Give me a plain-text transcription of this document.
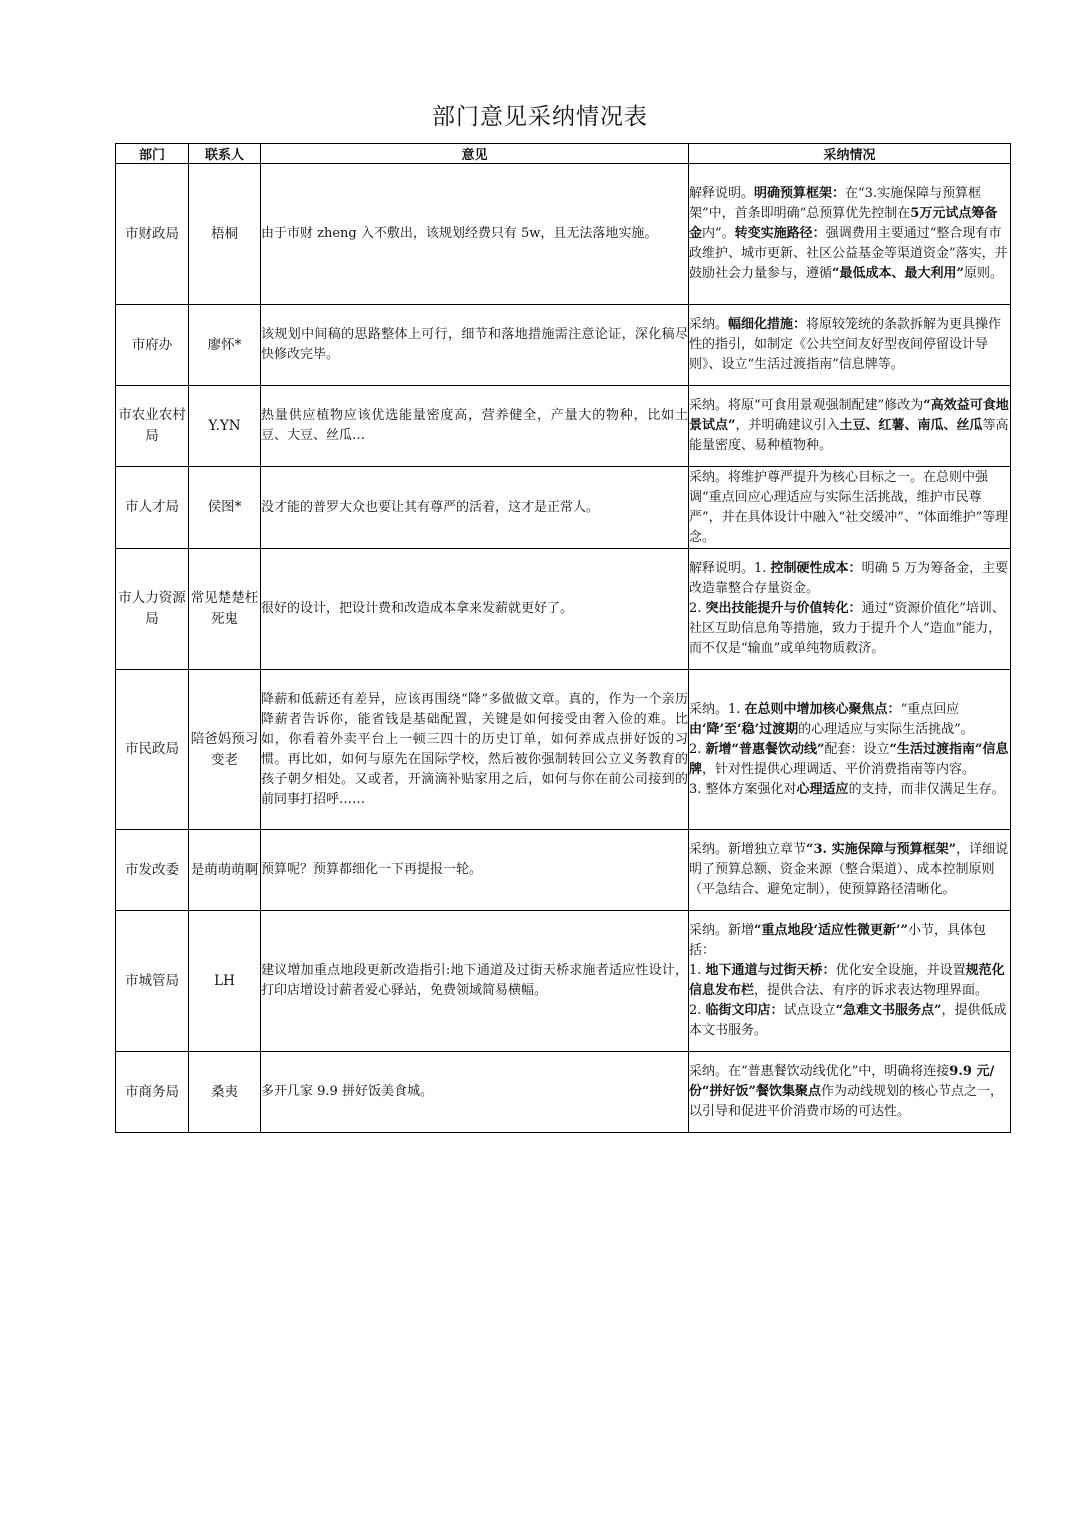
部门意见采纳情况表
部门	联系人	意见	采纳情况
市财政局	梧桐	由于市财 zheng 入不敷出，该规划经费只有 5w，且无法落地实施。	解释说明。明确预算框架：在“3.实施保障与预算框架”中，首条即明确“总预算优先控制在5万元试点筹备金内”。转变实施路径：强调费用主要通过“整合现有市政维护、城市更新、社区公益基金等渠道资金”落实，并鼓励社会力量参与，遵循“最低成本、最大利用”原则。
市府办	廖怀*	该规划中间稿的思路整体上可行，细节和落地措施需注意论证，深化稿尽快修改完毕。	采纳。幅细化措施：将原较笼统的条款拆解为更具操作性的指引，如制定《公共空间友好型夜间停留设计导则》、设立“生活过渡指南”信息牌等。
市农业农村局	Y.YN	热量供应植物应该优选能量密度高，营养健全，产量大的物种，比如土豆、大豆、丝瓜…	采纳。将原“可食用景观强制配建”修改为“高效益可食地景试点”，并明确建议引入土豆、红薯、南瓜、丝瓜等高能量密度、易种植物种。
市人才局	侯图*	没才能的普罗大众也要让其有尊严的活着，这才是正常人。	采纳。将维护尊严提升为核心目标之一。在总则中强调“重点回应心理适应与实际生活挑战，维护市民尊严”，并在具体设计中融入“社交缓冲”、“体面维护”等理念。
市人力资源局	常见楚楚枉死鬼	很好的设计，把设计费和改造成本拿来发薪就更好了。	解释说明。1. 控制硬性成本：明确 5 万为筹备金，主要改造靠整合存量资金。
2. 突出技能提升与价值转化：通过“资源价值化”培训、社区互助信息角等措施，致力于提升个人“造血”能力，而不仅是“输血”或单纯物质救济。
市民政局	陪爸妈预习变老	降薪和低薪还有差异，应该再围绕“降”多做做文章。真的，作为一个亲历降薪者告诉你，能省钱是基础配置，关键是如何接受由奢入俭的难。比如，你看着外卖平台上一顿三四十的历史订单，如何养成点拼好饭的习惯。再比如，如何与原先在国际学校，然后被你强制转回公立义务教育的孩子朝夕相处。又或者，开滴滴补贴家用之后，如何与你在前公司接到的前同事打招呼……	采纳。1. 在总则中增加核心聚焦点：“重点回应由‘降’至‘稳’过渡期的心理适应与实际生活挑战”。
2. 新增“普惠餐饮动线”配套：设立“生活过渡指南”信息牌，针对性提供心理调适、平价消费指南等内容。
3. 整体方案强化对心理适应的支持，而非仅满足生存。
市发改委	是萌萌萌啊	预算呢？预算都细化一下再提报一轮。	采纳。新增独立章节“3. 实施保障与预算框架”，详细说明了预算总额、资金来源（整合渠道）、成本控制原则（平急结合、避免定制），使预算路径清晰化。
市城管局	LH	建议增加重点地段更新改造指引:地下通道及过街天桥求施者适应性设计，打印店增设讨薪者爱心驿站，免费领域简易横幅。	采纳。新增“重点地段‘适应性微更新’”小节，具体包括：
1. 地下通道与过街天桥：优化安全设施，并设置规范化信息发布栏，提供合法、有序的诉求表达物理界面。
2. 临街文印店：试点设立“急难文书服务点”，提供低成本文书服务。
市商务局	桑夷	多开几家 9.9 拼好饭美食城。	采纳。在“普惠餐饮动线优化”中，明确将连接9.9 元/份“拼好饭”餐饮集聚点作为动线规划的核心节点之一，以引导和促进平价消费市场的可达性。
